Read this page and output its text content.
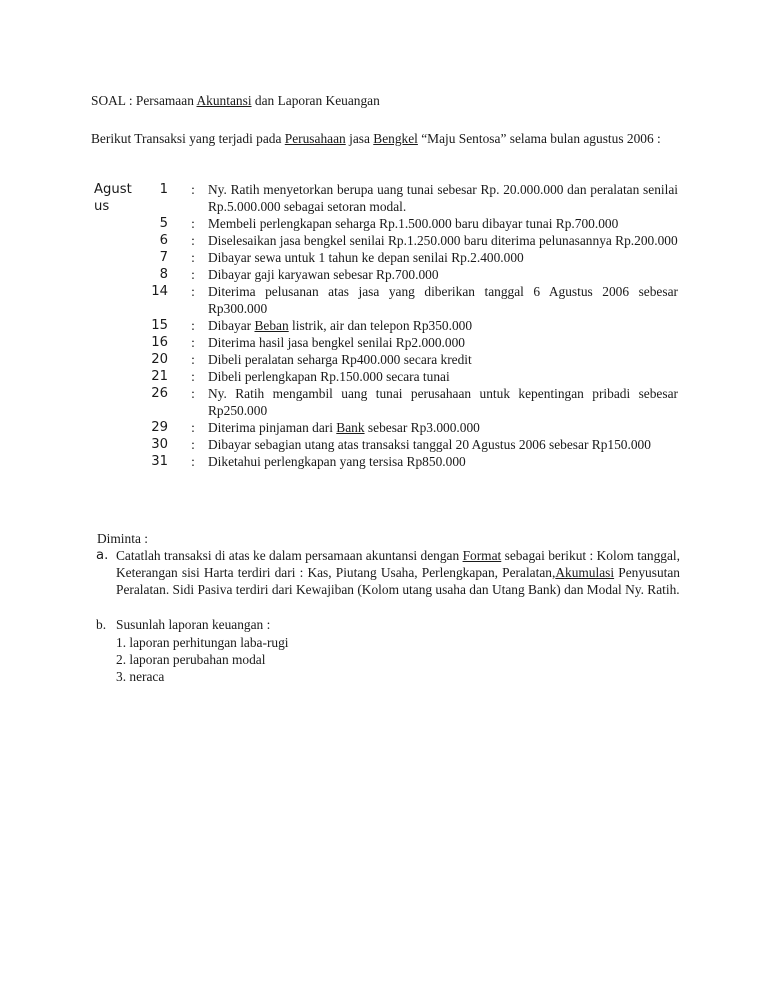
SOAL : Persamaan Akuntansi dan Laporan Keuangan
Berikut Transaksi yang terjadi pada Perusahaan jasa Bengkel “Maju Sentosa” selama bulan agustus 2006 :
Agust
us
1	: Ny. Ratih menyetorkan berupa uang tunai sebesar Rp. 20.000.000 dan peralatan senilai Rp.5.000.000 sebagai setoran modal.
5	: Membeli perlengkapan seharga Rp.1.500.000 baru dibayar tunai Rp.700.000
6	: Diselesaikan jasa bengkel senilai Rp.1.250.000 baru diterima pelunasannya Rp.200.000
7	: Dibayar sewa untuk 1 tahun ke depan senilai Rp.2.400.000
8	: Dibayar gaji karyawan sebesar Rp.700.000
14	: Diterima pelusanan atas jasa yang diberikan tanggal 6 Agustus 2006 sebesar Rp300.000
15	: Dibayar Beban listrik, air dan telepon Rp350.000
16	: Diterima hasil jasa bengkel senilai Rp2.000.000
20	: Dibeli peralatan seharga Rp400.000 secara kredit
21	: Dibeli perlengkapan Rp.150.000 secara tunai
26	: Ny. Ratih mengambil uang tunai perusahaan untuk kepentingan pribadi sebesar Rp250.000
29	: Diterima pinjaman dari Bank sebesar Rp3.000.000
30	: Dibayar sebagian utang atas transaksi tanggal 20 Agustus 2006 sebesar Rp150.000
31	: Diketahui perlengkapan yang tersisa Rp850.000
Diminta :
a. Catatlah transaksi di atas ke dalam persamaan akuntansi dengan Format sebagai berikut : Kolom tanggal, Keterangan sisi Harta terdiri dari : Kas, Piutang Usaha, Perlengkapan, Peralatan,Akumulasi Penyusutan Peralatan. Sidi Pasiva terdiri dari Kewajiban (Kolom utang usaha dan Utang Bank) dan Modal Ny. Ratih.
b. Susunlah laporan keuangan :
1. laporan perhitungan laba-rugi
2. laporan perubahan modal
3. neraca
